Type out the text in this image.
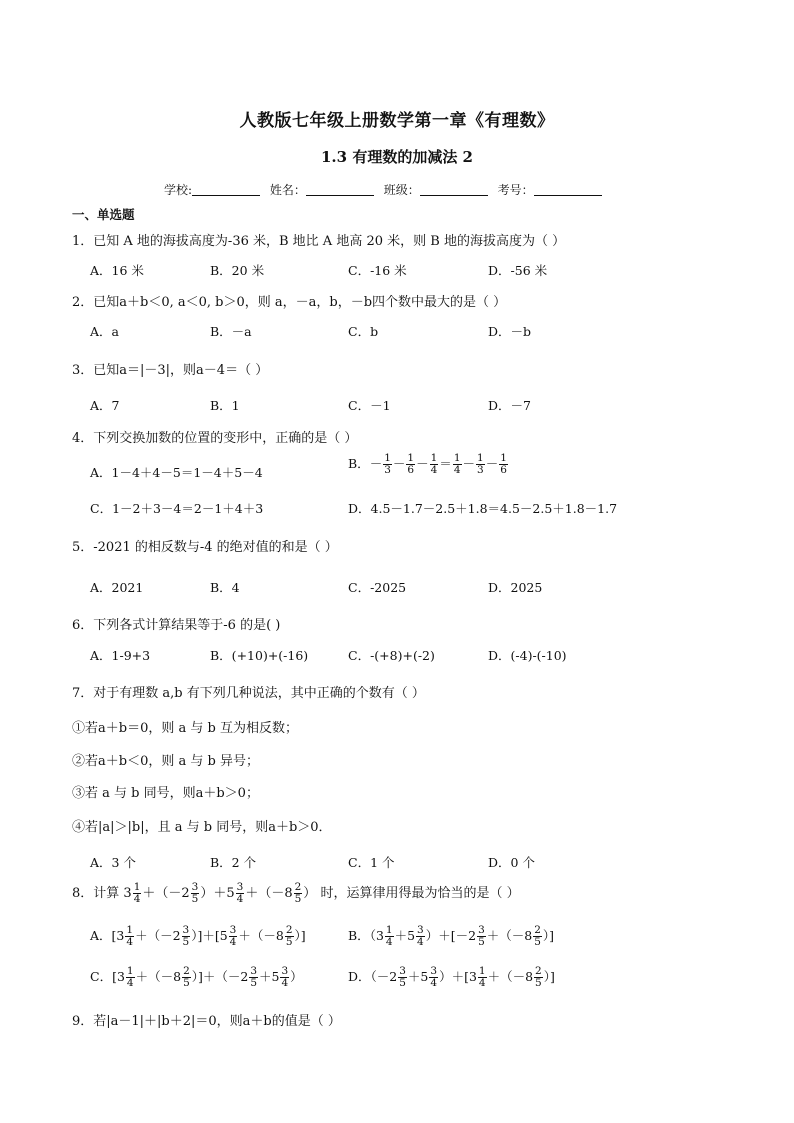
人教版七年级上册数学第一章《有理数》
1.3 有理数的加减法 2
学校:	姓名：	班级：	考号：
一、单选题
1．已知 A 地的海拔高度为-36 米，B 地比 A 地高 20 米，则 B 地的海拔高度为（ ）
A．16 米	B．20 米	C．-16 米	D．-56 米
2．已知a＋b＜0, a＜0, b＞0，则 a，－a，b，－b四个数中最大的是（ ）
A．a	B．－a	C．b	D．－b
3．已知a＝|－3|，则a－4＝（ ）
A．7	B．1	C．－1	D．－7
4．下列交换加数的位置的变形中，正确的是（ ）
A．1－4＋4－5＝1－4＋5－4
B．－ $\frac{1}{3} - \frac{1}{6} - \frac{1}{4} = \frac{1}{4} - \frac{1}{3} - \frac{1}{6}$
C．1－2＋3－4＝2－1＋4＋3	D．4.5－1.7－2.5＋1.8＝4.5－2.5＋1.8－1.7
5．-2021 的相反数与-4 的绝对值的和是（ ）
A．2021	B．4	C．-2025	D．2025
6．下列各式计算结果等于-6 的是( )
A．1-9+3	B．(+10)+(-16)	C．-(+8)+(-2)	D．(-4)-(-10)
7．对于有理数 a,b 有下列几种说法，其中正确的个数有（ ）
①若a＋b＝0，则 a 与 b 互为相反数；
②若a＋b＜0，则 a 与 b 异号；
③若 a 与 b 同号，则a＋b＞0；
④若|a|＞|b|，且 a 与 b 同号，则a＋b＞0．
A．3 个	B．2 个	C．1 个	D．0 个
8．计算 $3 \frac{1}{4} +(-2 \frac{3}{5} )+5 \frac{3}{4} +(-8 \frac{2}{5}$ ） 时，运算律用得最为恰当的是（ ）
A．$[3 \frac{1}{4} +(-2 \frac{3}{5} )]+[5 \frac{3}{4} +(-8 \frac{2}{5}$ ）]	B．$(3 \frac{1}{4} +5 \frac{3}{4} )+[-2 \frac{3}{5} +(-8 \frac{2}{5}$ ）]
C．$[3 \frac{1}{4} +(-8 \frac{2}{5} )]+(-2 \frac{3}{5} +5 \frac{3}{4}$ ）	D．$(-2 \frac{3}{5} +5 \frac{3}{4} )+[3 \frac{1}{4} +(-8 \frac{2}{5}$ ）]
9．若|a－1|＋|b＋2|＝0，则a＋b的值是（ ）
